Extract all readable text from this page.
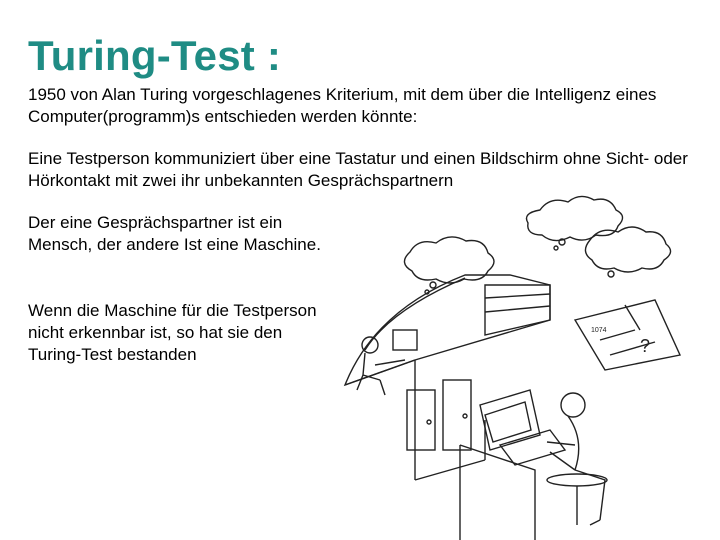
Turing-Test :

1950 von Alan Turing vorgeschlagenes Kriterium, mit dem über die Intelligenz eines Computer(programm)s entschieden werden könnte:

Eine Testperson kommuniziert über eine Tastatur und einen Bildschirm ohne Sicht- oder Hörkontakt mit zwei ihr unbekannten Gesprächspartnern

Der eine Gesprächspartner ist ein Mensch, der andere Ist eine Maschine.

Wenn die Maschine für die Testperson nicht erkennbar ist, so hat sie den Turing-Test bestanden	?
1074
